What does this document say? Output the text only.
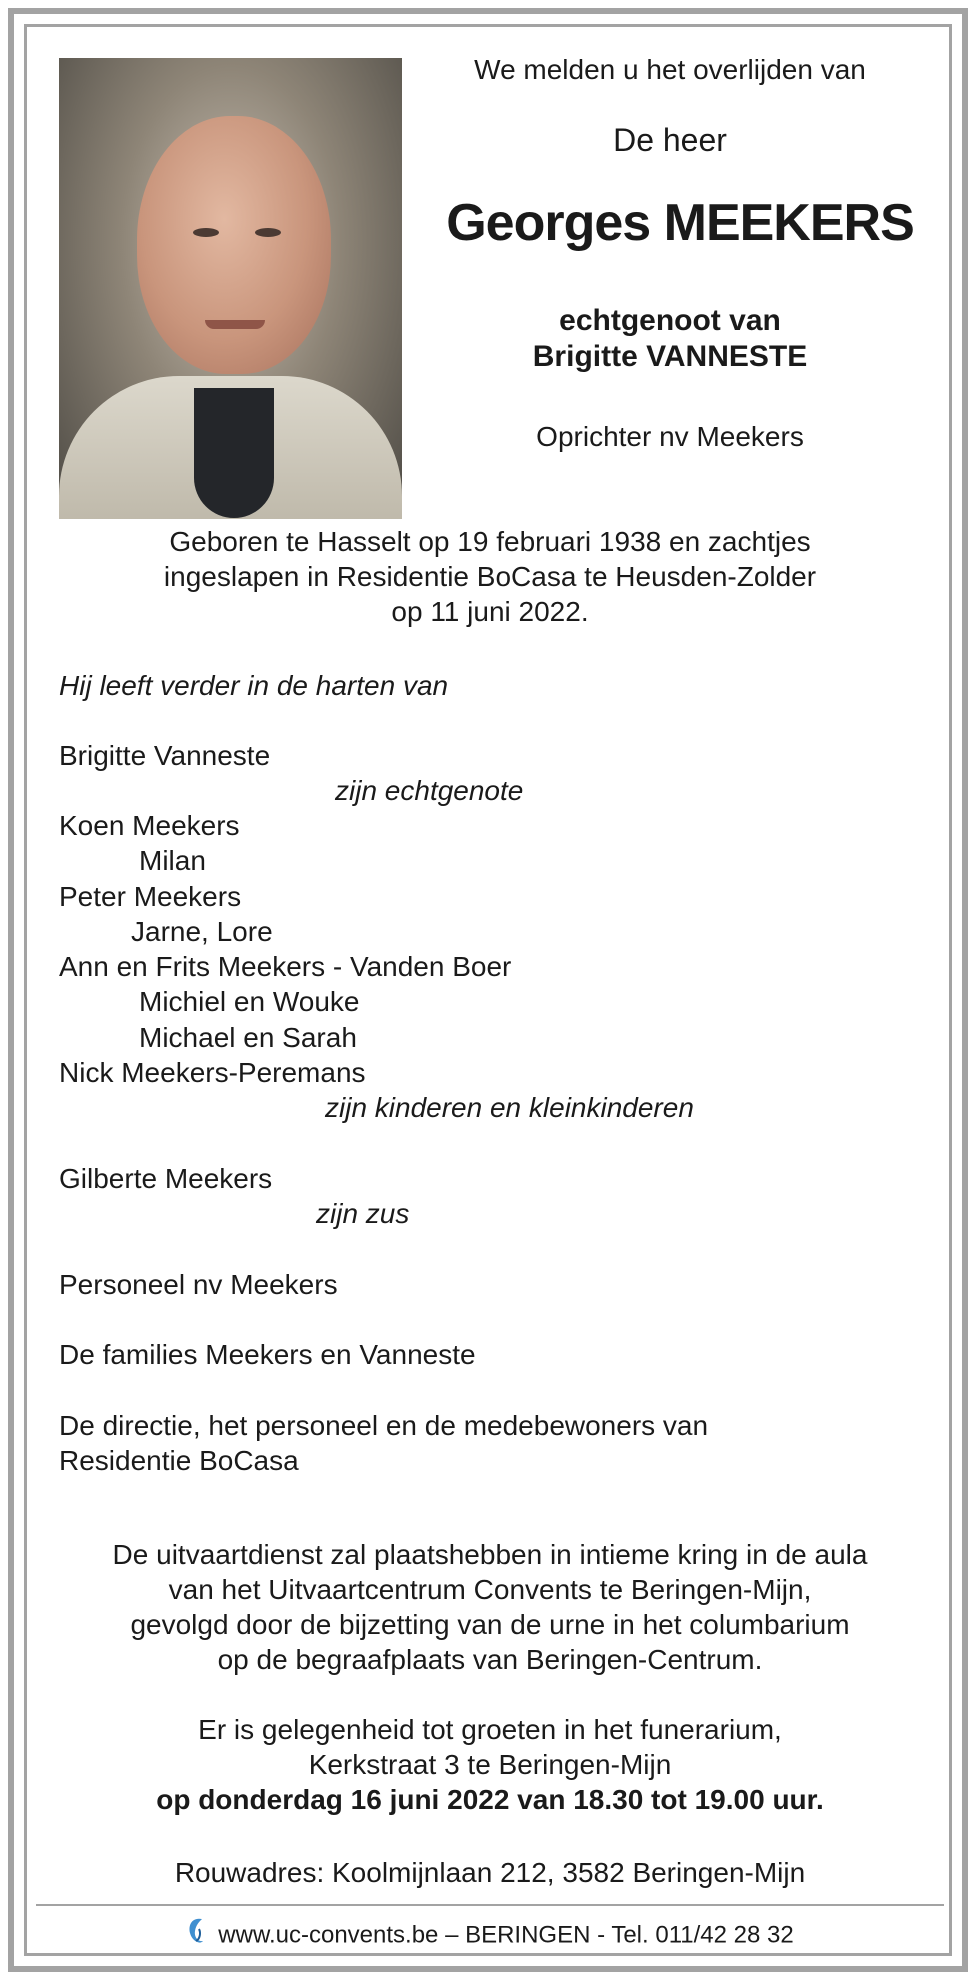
We melden u het overlijden van
De heer
Georges MEEKERS
echtgenoot van
Brigitte VANNESTE
Oprichter nv Meekers
Geboren te Hasselt op 19 februari 1938 en zachtjes
ingeslapen in Residentie BoCasa te Heusden-Zolder
op 11 juni 2022.
Hij leeft verder in de harten van
Brigitte Vanneste
zijn echtgenote
Koen Meekers
Milan
Peter Meekers
Jarne, Lore
Ann en Frits Meekers - Vanden Boer
Michiel en Wouke
Michael en Sarah
Nick Meekers-Peremans
zijn kinderen en kleinkinderen
Gilberte Meekers
zijn zus
Personeel nv Meekers
De families Meekers en Vanneste
De directie, het personeel en de medebewoners van
Residentie BoCasa
De uitvaartdienst zal plaatshebben in intieme kring in de aula
van het Uitvaartcentrum Convents te Beringen-Mijn,
gevolgd door de bijzetting van de urne in het columbarium
op de begraafplaats van Beringen-Centrum.
Er is gelegenheid tot groeten in het funerarium,
Kerkstraat 3 te Beringen-Mijn
op donderdag 16 juni 2022 van 18.30 tot 19.00 uur.
Rouwadres: Koolmijnlaan 212, 3582 Beringen-Mijn
www.uc-convents.be – BERINGEN - Tel. 011/42 28 32
